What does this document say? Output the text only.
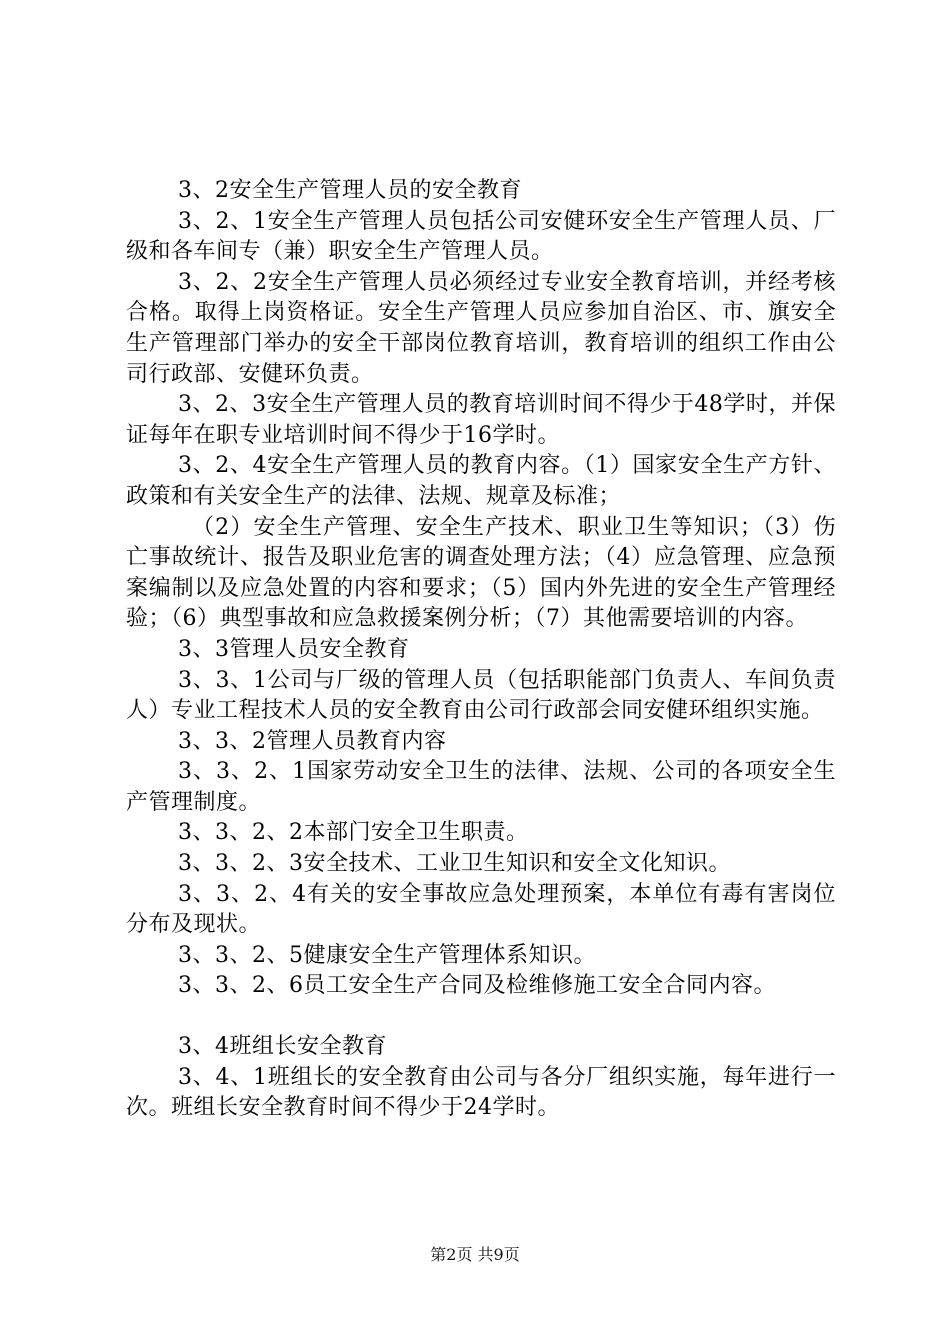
3、2安全生产管理人员的安全教育

3、2、1安全生产管理人员包括公司安健环安全生产管理人员、厂级和各车间专（兼）职安全生产管理人员。

3、2、2安全生产管理人员必须经过专业安全教育培训，并经考核合格。取得上岗资格证。安全生产管理人员应参加自治区、市、旗安全生产管理部门举办的安全干部岗位教育培训，教育培训的组织工作由公司行政部、安健环负责。

3、2、3安全生产管理人员的教育培训时间不得少于48学时，并保证每年在职专业培训时间不得少于16学时。

3、2、4安全生产管理人员的教育内容。（1）国家安全生产方针、政策和有关安全生产的法律、法规、规章及标准；

（2）安全生产管理、安全生产技术、职业卫生等知识；（3）伤亡事故统计、报告及职业危害的调查处理方法；（4）应急管理、应急预案编制以及应急处置的内容和要求；（5）国内外先进的安全生产管理经验；（6）典型事故和应急救援案例分析；（7）其他需要培训的内容。

3、3管理人员安全教育

3、3、1公司与厂级的管理人员（包括职能部门负责人、车间负责人）专业工程技术人员的安全教育由公司行政部会同安健环组织实施。

3、3、2管理人员教育内容

3、3、2、1国家劳动安全卫生的法律、法规、公司的各项安全生产管理制度。

3、3、2、2本部门安全卫生职责。

3、3、2、3安全技术、工业卫生知识和安全文化知识。

3、3、2、4有关的安全事故应急处理预案，本单位有毒有害岗位分布及现状。

3、3、2、5健康安全生产管理体系知识。

3、3、2、6员工安全生产合同及检维修施工安全合同内容。

3、4班组长安全教育

3、4、1班组长的安全教育由公司与各分厂组织实施，每年进行一次。班组长安全教育时间不得少于24学时。

第2页 共9页
